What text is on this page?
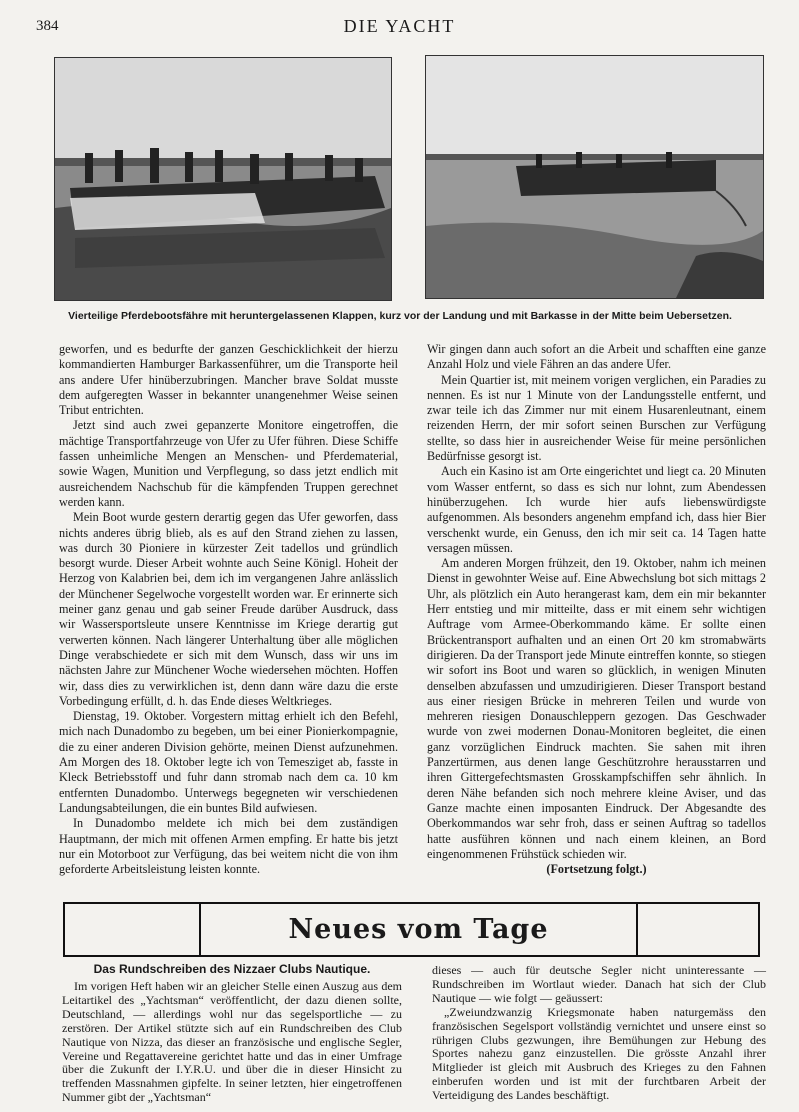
384	DIE YACHT
Vierteilige Pferdebootsfähre mit heruntergelassenen Klappen, kurz vor der Landung und mit Barkasse in der Mitte beim Uebersetzen.

geworfen, und es bedurfte der ganzen Geschicklichkeit der hierzu kommandierten Hamburger Barkassenführer, um die Transporte heil ans andere Ufer hinüberzubringen. Mancher brave Soldat musste dem aufgeregten Wasser in bekannter unangenehmer Weise seinen Tribut entrichten.

Jetzt sind auch zwei gepanzerte Monitore eingetroffen, die mächtige Transportfahrzeuge von Ufer zu Ufer führen. Diese Schiffe fassen unheimliche Mengen an Menschen- und Pferdematerial, sowie Wagen, Munition und Verpflegung, so dass jetzt endlich mit ausreichendem Nachschub für die kämpfenden Truppen gerechnet werden kann.

Mein Boot wurde gestern derartig gegen das Ufer geworfen, dass nichts anderes übrig blieb, als es auf den Strand ziehen zu lassen, was durch 30 Pioniere in kürzester Zeit tadellos und gründlich besorgt wurde. Dieser Arbeit wohnte auch Seine Königl. Hoheit der Herzog von Kalabrien bei, dem ich im vergangenen Jahre anlässlich der Münchener Segelwoche vorgestellt worden war. Er erinnerte sich meiner ganz genau und gab seiner Freude darüber Ausdruck, dass wir Wassersportsleute unsere Kenntnisse im Kriege derartig gut verwerten können. Nach längerer Unterhaltung über alle möglichen Dinge verabschiedete er sich mit dem Wunsch, dass wir uns im nächsten Jahre zur Münchener Woche wiedersehen möchten. Hoffen wir, dass dies zu verwirklichen ist, denn dann wäre dazu die erste Vorbedingung erfüllt, d. h. das Ende dieses Weltkrieges.

Dienstag, 19. Oktober. Vorgestern mittag erhielt ich den Befehl, mich nach Dunadombo zu begeben, um bei einer Pionierkompagnie, die zu einer anderen Division gehörte, meinen Dienst aufzunehmen. Am Morgen des 18. Oktober legte ich von Temesziget ab, fasste in Kleck Betriebsstoff und fuhr dann stromab nach dem ca. 10 km entfernten Dunadombo. Unterwegs begegneten wir verschiedenen Landungsabteilungen, die ein buntes Bild aufwiesen.

In Dunadombo meldete ich mich bei dem zuständigen Hauptmann, der mich mit offenen Armen empfing. Er hatte bis jetzt nur ein Motorboot zur Verfügung, das bei weitem nicht die von ihm geforderte Arbeitsleistung leisten konnte.

Wir gingen dann auch sofort an die Arbeit und schafften eine ganze Anzahl Holz und viele Fähren an das andere Ufer.

Mein Quartier ist, mit meinem vorigen verglichen, ein Paradies zu nennen. Es ist nur 1 Minute von der Landungsstelle entfernt, und zwar teile ich das Zimmer nur mit einem Husarenleutnant, einem reizenden Herrn, der mir sofort seinen Burschen zur Verfügung stellte, so dass hier in ausreichender Weise für meine persönlichen Bedürfnisse gesorgt ist.

Auch ein Kasino ist am Orte eingerichtet und liegt ca. 20 Minuten vom Wasser entfernt, so dass es sich nur lohnt, zum Abendessen hinüberzugehen. Ich wurde hier aufs liebenswürdigste aufgenommen. Als besonders angenehm empfand ich, dass hier Bier verschenkt wurde, ein Genuss, den ich mir seit ca. 14 Tagen hatte versagen müssen.

Am anderen Morgen frühzeit, den 19. Oktober, nahm ich meinen Dienst in gewohnter Weise auf. Eine Abwechslung bot sich mittags 2 Uhr, als plötzlich ein Auto herangerast kam, dem ein mir bekannter Herr entstieg und mir mitteilte, dass er mit einem sehr wichtigen Auftrage vom Armee-Oberkommando käme. Er sollte einen Brückentransport aufhalten und an einen Ort 20 km stromabwärts dirigieren. Da der Transport jede Minute eintreffen konnte, so stiegen wir sofort ins Boot und waren so glücklich, in wenigen Minuten denselben abzufassen und umzudirigieren. Dieser Transport bestand aus einer riesigen Brücke in mehreren Teilen und wurde von mehreren riesigen Donauschleppern gezogen. Das Geschwader wurde von zwei modernen Donau-Monitoren begleitet, die einen ganz vorzüglichen Eindruck machten. Sie sahen mit ihren Panzertürmen, aus denen lange Geschützrohre herausstarren und ihren Gittergefechtsmasten Grosskampfschiffen sehr ähnlich. In deren Nähe befanden sich noch mehrere kleine Aviser, und das Ganze machte einen imposanten Eindruck. Der Abgesandte des Oberkommandos war sehr froh, dass er seinen Auftrag so tadellos hatte ausführen können und nach einem kleinen, an Bord eingenommenen Frühstück schieden wir.

(Fortsetzung folgt.)

Neues vom Tage
Das Rundschreiben des Nizzaer Clubs Nautique.

Im vorigen Heft haben wir an gleicher Stelle einen Auszug aus dem Leitartikel des „Yachtsman“ veröffentlicht, der dazu dienen sollte, Deutschland, — allerdings wohl nur das segelsportliche — zu zerstören. Der Artikel stützte sich auf ein Rundschreiben des Club Nautique von Nizza, das dieser an französische und englische Segler, Vereine und Regattavereine gerichtet hatte und das in einer Umfrage über die Zukunft der I.Y.R.U. und über die in dieser Hinsicht zu treffenden Massnahmen gipfelte. In seiner letzten, hier eingetroffenen Nummer gibt der „Yachtsman“

dieses — auch für deutsche Segler nicht uninteressante — Rundschreiben im Wortlaut wieder. Danach hat sich der Club Nautique — wie folgt — geäussert:

„Zweiundzwanzig Kriegsmonate haben naturgemäss den französischen Segelsport vollständig vernichtet und unsere einst so rührigen Clubs gezwungen, ihre Bemühungen zur Hebung des Sportes nahezu ganz einzustellen. Die grösste Anzahl ihrer Mitglieder ist gleich mit Ausbruch des Krieges zu den Fahnen einberufen worden und ist mit der furchtbaren Arbeit der Verteidigung des Landes beschäftigt.
